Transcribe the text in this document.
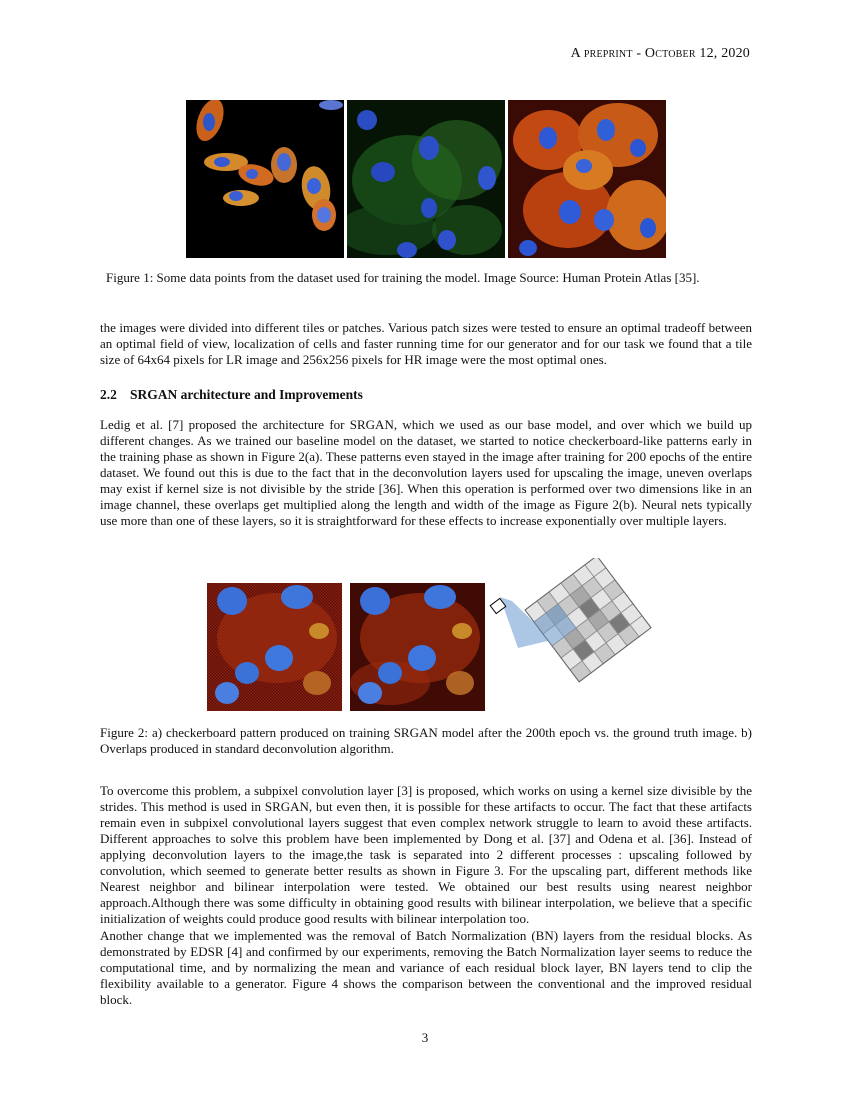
A preprint - October 12, 2020
Figure 1: Some data points from the dataset used for training the model. Image Source: Human Protein Atlas [35].

the images were divided into different tiles or patches. Various patch sizes were tested to ensure an optimal tradeoff between an optimal field of view, localization of cells and faster running time for our generator and for our task we found that a tile size of 64x64 pixels for LR image and 256x256 pixels for HR image were the most optimal ones.

2.2 SRGAN architecture and Improvements

Ledig et al. [7] proposed the architecture for SRGAN, which we used as our base model, and over which we build up different changes. As we trained our baseline model on the dataset, we started to notice checkerboard-like patterns early in the training phase as shown in Figure 2(a). These patterns even stayed in the image after training for 200 epochs of the entire dataset. We found out this is due to the fact that in the deconvolution layers used for upscaling the image, uneven overlaps may exist if kernel size is not divisible by the stride [36]. When this operation is performed over two dimensions like in an image channel, these overlaps get multiplied along the length and width of the image as Figure 2(b). Neural nets typically use more than one of these layers, so it is straightforward for these effects to increase exponentially over multiple layers.

Figure 2: a) checkerboard pattern produced on training SRGAN model after the 200th epoch vs. the ground truth image. b) Overlaps produced in standard deconvolution algorithm.

To overcome this problem, a subpixel convolution layer [3] is proposed, which works on using a kernel size divisible by the strides. This method is used in SRGAN, but even then, it is possible for these artifacts to occur. The fact that these artifacts remain even in subpixel convolutional layers suggest that even complex network struggle to learn to avoid these artifacts. Different approaches to solve this problem have been implemented by Dong et al. [37] and Odena et al. [36]. Instead of applying deconvolution layers to the image,the task is separated into 2 different processes : upscaling followed by convolution, which seemed to generate better results as shown in Figure 3. For the upscaling part, different methods like Nearest neighbor and bilinear interpolation were tested. We obtained our best results using nearest neighbor approach.Although there was some difficulty in obtaining good results with bilinear interpolation, we believe that a specific initialization of weights could produce good results with bilinear interpolation too.

Another change that we implemented was the removal of Batch Normalization (BN) layers from the residual blocks. As demonstrated by EDSR [4] and confirmed by our experiments, removing the Batch Normalization layer seems to reduce the computational time, and by normalizing the mean and variance of each residual block layer, BN layers tend to clip the flexibility available to a generator. Figure 4 shows the comparison between the conventional and the improved residual block.

3
